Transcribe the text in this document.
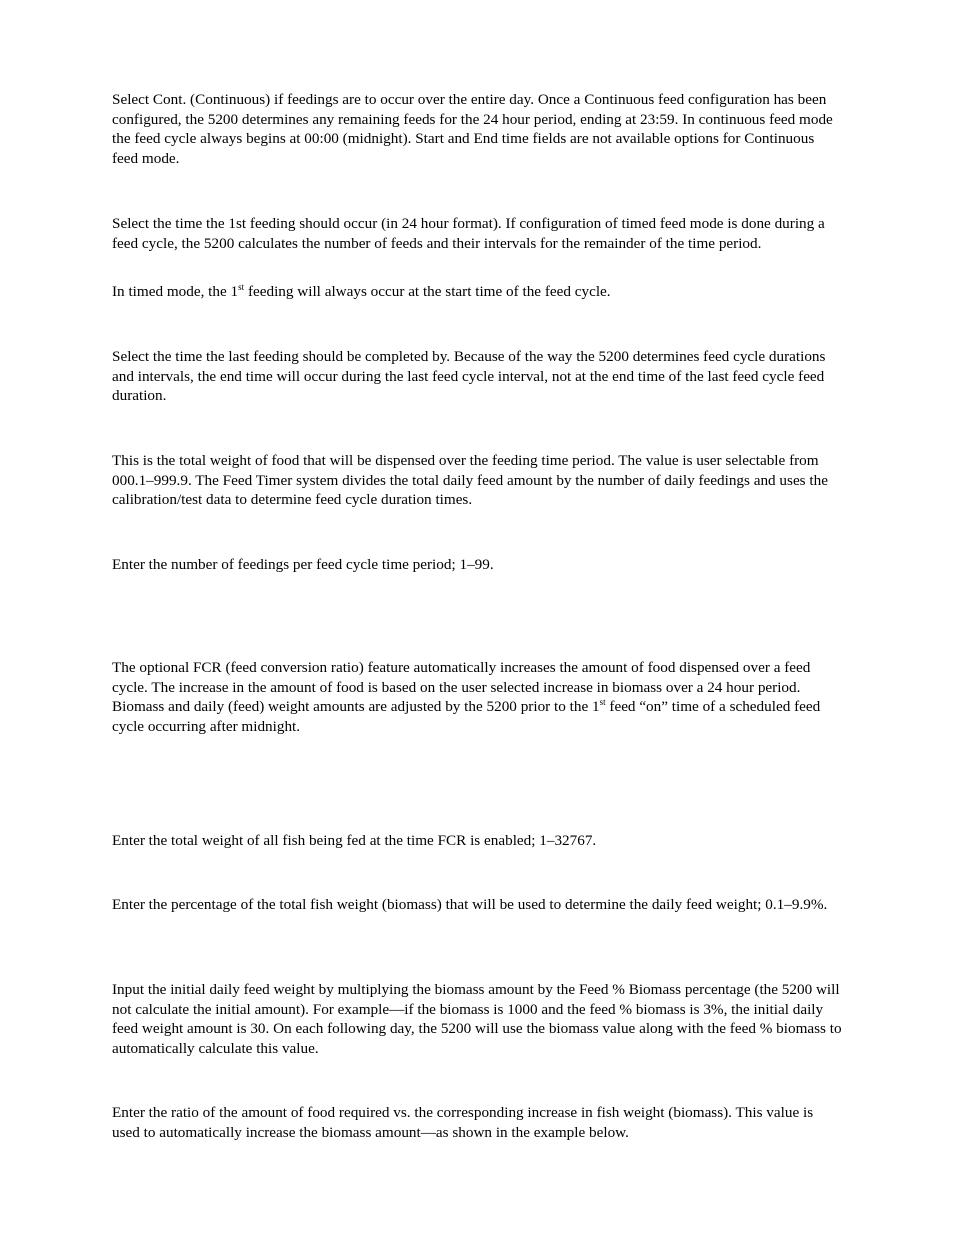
Select Cont. (Continuous) if feedings are to occur over the entire day. Once a Continuous feed configuration has been configured, the 5200 determines any remaining feeds for the 24 hour period, ending at 23:59. In continuous feed mode the feed cycle always begins at 00:00 (midnight). Start and End time fields are not available options for Continuous feed mode.

Select the time the 1st feeding should occur (in 24 hour format). If configuration of timed feed mode is done during a feed cycle, the 5200 calculates the number of feeds and their intervals for the remainder of the time period.

In timed mode, the 1st feeding will always occur at the start time of the feed cycle.

Select the time the last feeding should be completed by. Because of the way the 5200 determines feed cycle durations and intervals, the end time will occur during the last feed cycle interval, not at the end time of the last feed cycle feed duration.

This is the total weight of food that will be dispensed over the feeding time period. The value is user selectable from 000.1–999.9. The Feed Timer system divides the total daily feed amount by the number of daily feedings and uses the calibration/test data to determine feed cycle duration times.

Enter the number of feedings per feed cycle time period; 1–99.

The optional FCR (feed conversion ratio) feature automatically increases the amount of food dispensed over a feed cycle. The increase in the amount of food is based on the user selected increase in biomass over a 24 hour period. Biomass and daily (feed) weight amounts are adjusted by the 5200 prior to the 1st feed “on” time of a scheduled feed cycle occurring after midnight.

Enter the total weight of all fish being fed at the time FCR is enabled; 1–32767.

Enter the percentage of the total fish weight (biomass) that will be used to determine the daily feed weight; 0.1–9.9%.

Input the initial daily feed weight by multiplying the biomass amount by the Feed % Biomass percentage (the 5200 will not calculate the initial amount). For example—if the biomass is 1000 and the feed % biomass is 3%, the initial daily feed weight amount is 30. On each following day, the 5200 will use the biomass value along with the feed % biomass to automatically calculate this value.

Enter the ratio of the amount of food required vs. the corresponding increase in fish weight (biomass). This value is used to automatically increase the biomass amount—as shown in the example below.
